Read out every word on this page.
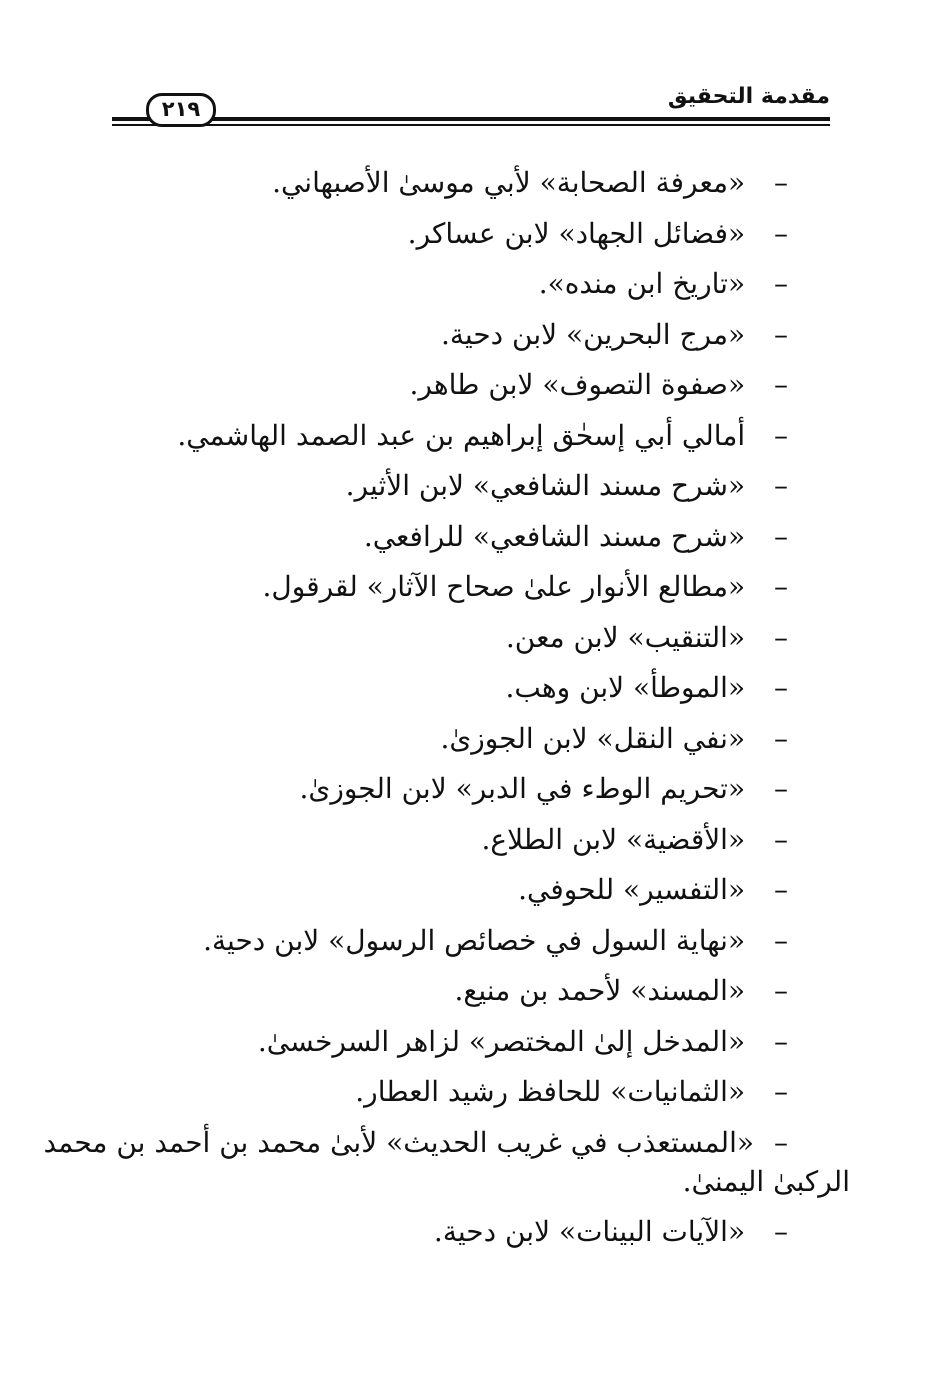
٢١٩	مقدمة التحقيق
– «معرفة الصحابة» لأبي موسىٰ الأصبهاني.
– «فضائل الجهاد» لابن عساكر.
– «تاريخ ابن منده».
– «مرج البحرين» لابن دحية.
– «صفوة التصوف» لابن طاهر.
– أمالي أبي إسحٰق إبراهيم بن عبد الصمد الهاشمي.
– «شرح مسند الشافعي» لابن الأثير.
– «شرح مسند الشافعي» للرافعي.
– «مطالع الأنوار علىٰ صحاح الآثار» لقرقول.
– «التنقيب» لابن معن.
– «الموطأ» لابن وهب.
– «نفي النقل» لابن الجوزىٰ.
– «تحريم الوطء في الدبر» لابن الجوزىٰ.
– «الأقضية» لابن الطلاع.
– «التفسير» للحوفي.
– «نهاية السول في خصائص الرسول» لابن دحية.
– «المسند» لأحمد بن منيع.
– «المدخل إلىٰ المختصر» لزاهر السرخسىٰ.
– «الثمانيات» للحافظ رشيد العطار.
–
«المستعذب في غريب الحديث» لأبىٰ محمد بن أحمد بن محمد
الركبىٰ اليمنىٰ.
– «الآيات البينات» لابن دحية.
